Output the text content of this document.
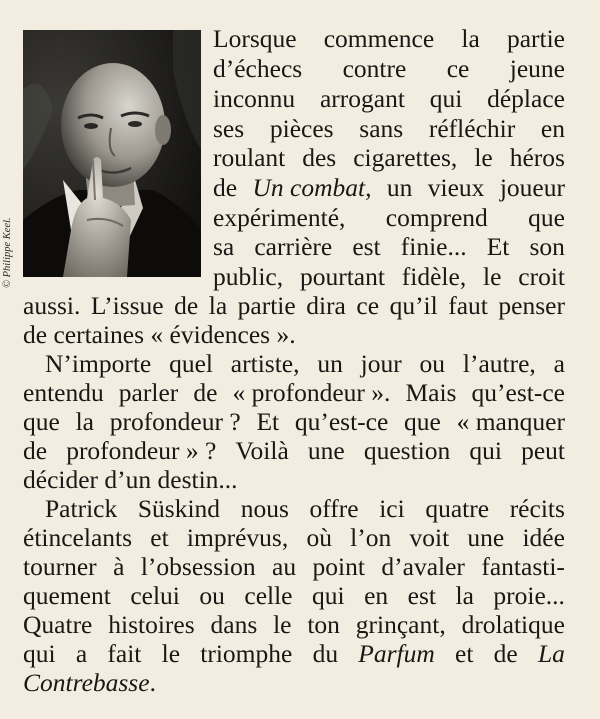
© Philippe Keel.
Lorsque commence la partie
d’échecs contre ce jeune
inconnu arrogant qui déplace
ses pièces sans réfléchir en
roulant des cigarettes, le héros
de Un combat, un vieux joueur
expérimenté, comprend que
sa carrière est finie... Et son
public, pourtant fidèle, le croit
aussi. L’issue de la partie dira ce qu’il faut penser
de certaines « évidences ».
N’importe quel artiste, un jour ou l’autre, a
entendu parler de « profondeur ». Mais qu’est-ce
que la profondeur ? Et qu’est-ce que « manquer
de profondeur » ? Voilà une question qui peut
décider d’un destin...
Patrick Süskind nous offre ici quatre récits
étincelants et imprévus, où l’on voit une idée
tourner à l’obsession au point d’avaler fantasti-
quement celui ou celle qui en est la proie...
Quatre histoires dans le ton grinçant, drolatique
qui a fait le triomphe du Parfum et de La
Contrebasse .
